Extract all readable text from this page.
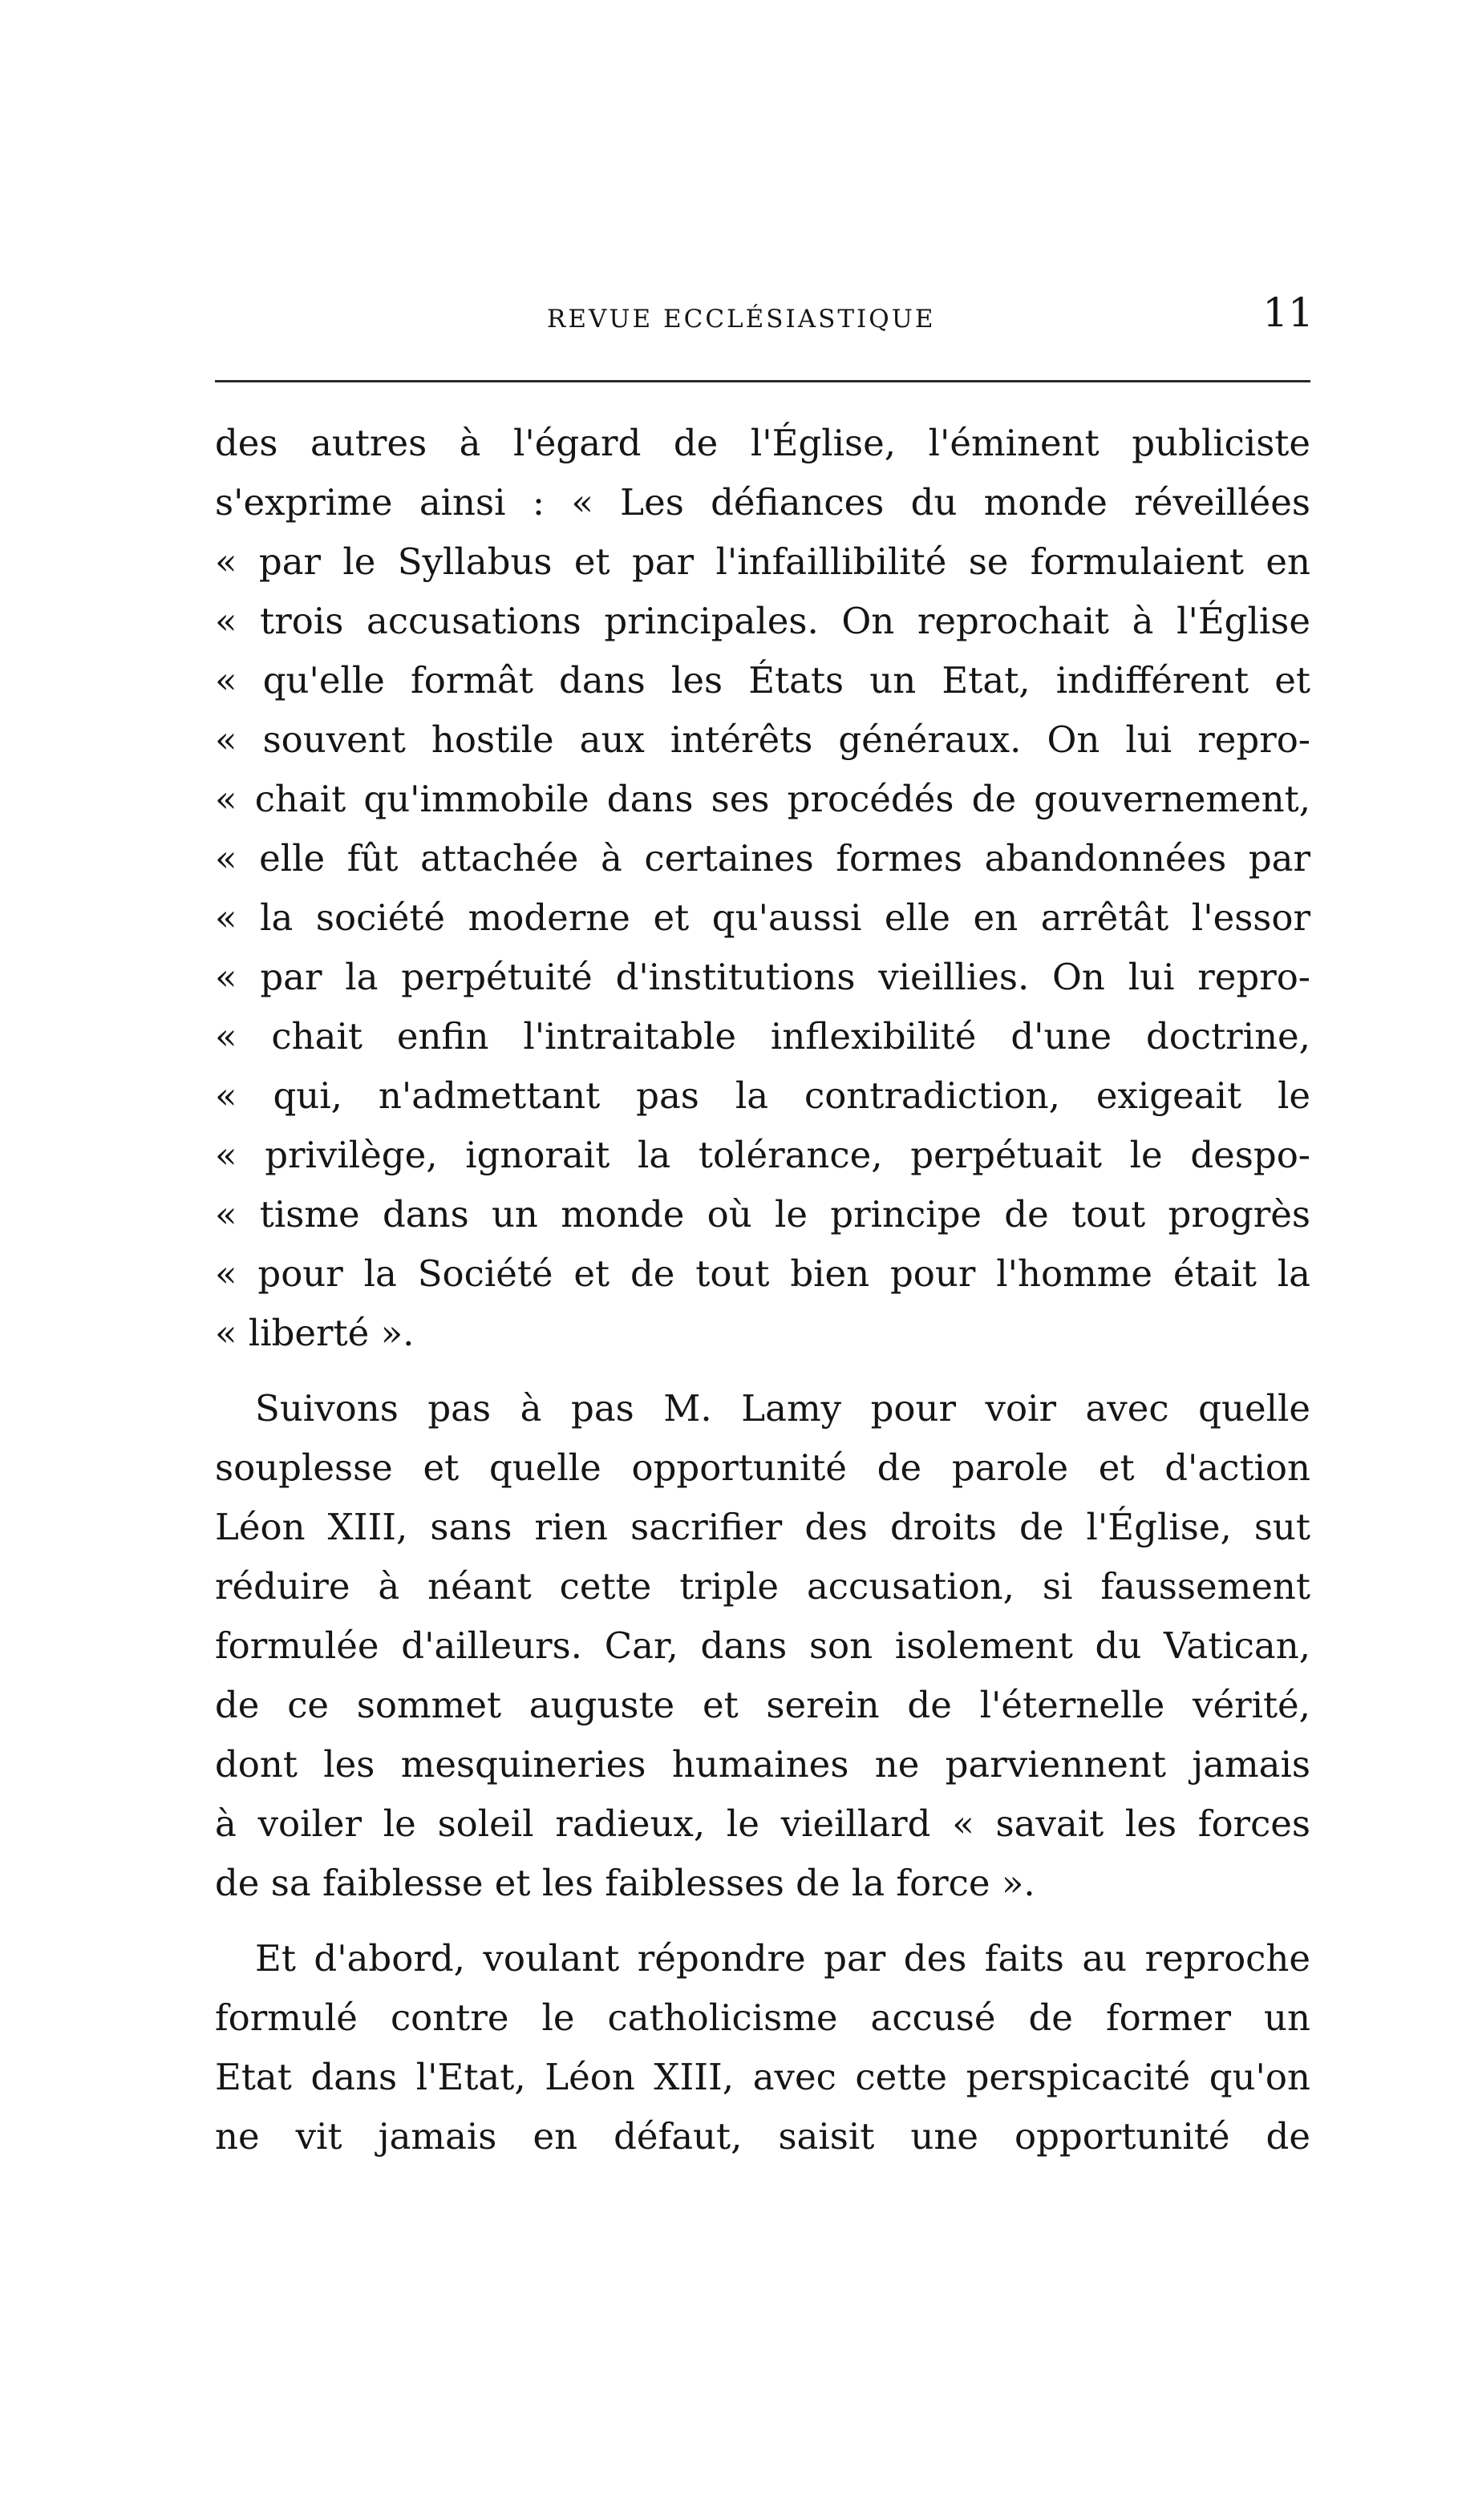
REVUE ECCLÉSIASTIQUE	11
des autres à l'égard de l'Église, l'éminent publiciste
s'exprime ainsi : « Les défiances du monde réveillées
« par le Syllabus et par l'infaillibilité se formulaient en
« trois accusations principales. On reprochait à l'Église
« qu'elle formât dans les États un Etat, indifférent et
« souvent hostile aux intérêts généraux. On lui repro-
« chait qu'immobile dans ses procédés de gouvernement,
« elle fût attachée à certaines formes abandonnées par
« la société moderne et qu'aussi elle en arrêtât l'essor
« par la perpétuité d'institutions vieillies. On lui repro-
« chait enfin l'intraitable inflexibilité d'une doctrine,
« qui, n'admettant pas la contradiction, exigeait le
« privilège, ignorait la tolérance, perpétuait le despo-
« tisme dans un monde où le principe de tout progrès
« pour la Société et de tout bien pour l'homme était la
« liberté ».
Suivons pas à pas M. Lamy pour voir avec quelle
souplesse et quelle opportunité de parole et d'action
Léon XIII, sans rien sacrifier des droits de l'Église, sut
réduire à néant cette triple accusation, si faussement
formulée d'ailleurs. Car, dans son isolement du Vatican,
de ce sommet auguste et serein de l'éternelle vérité,
dont les mesquineries humaines ne parviennent jamais
à voiler le soleil radieux, le vieillard « savait les forces
de sa faiblesse et les faiblesses de la force ».
Et d'abord, voulant répondre par des faits au reproche
formulé contre le catholicisme accusé de former un
Etat dans l'Etat, Léon XIII, avec cette perspicacité qu'on
ne vit jamais en défaut, saisit une opportunité de
